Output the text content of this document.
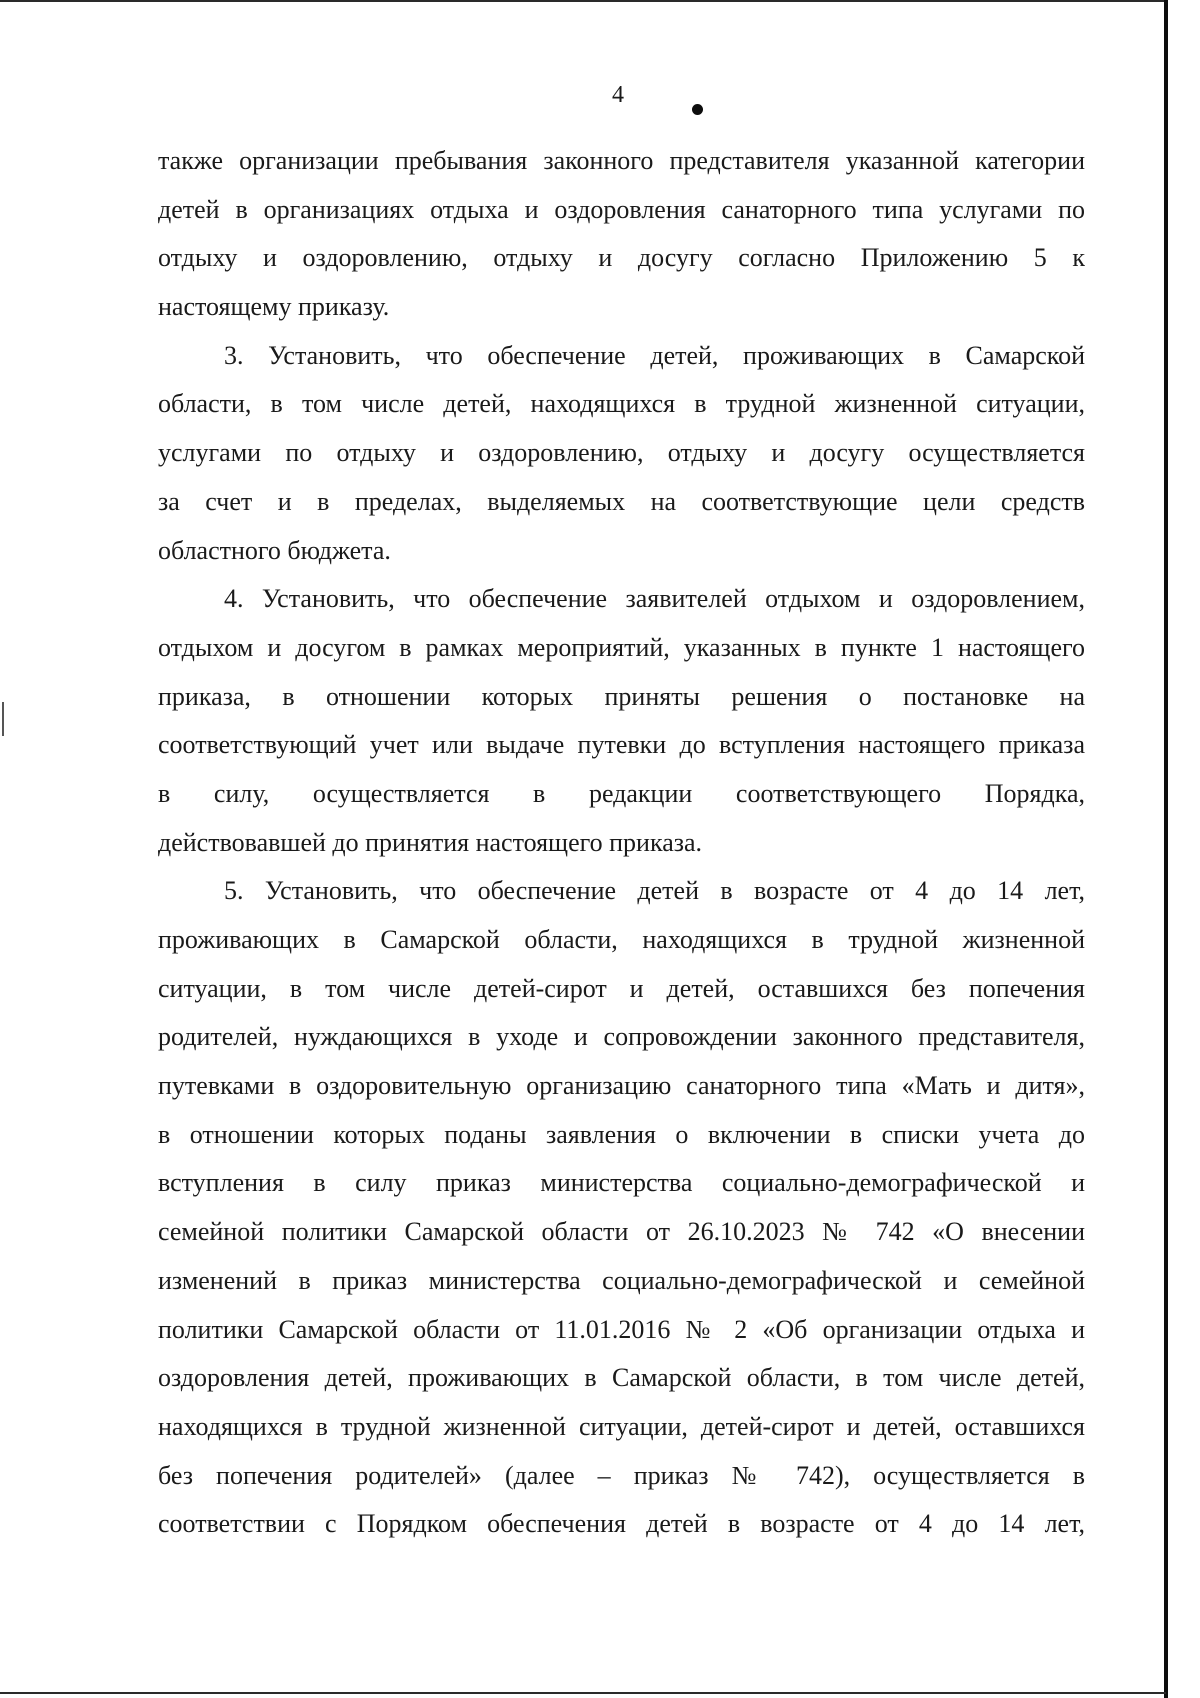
4
также организации пребывания законного представителя указанной категории
детей в организациях отдыха и оздоровления санаторного типа услугами по
отдыху и оздоровлению, отдыху и досугу согласно Приложению 5 к
настоящему приказу.
3. Установить, что обеспечение детей, проживающих в Самарской
области, в том числе детей, находящихся в трудной жизненной ситуации,
услугами по отдыху и оздоровлению, отдыху и досугу осуществляется
за счет и в пределах, выделяемых на соответствующие цели средств
областного бюджета.
4. Установить, что обеспечение заявителей отдыхом и оздоровлением,
отдыхом и досугом в рамках мероприятий, указанных в пункте 1 настоящего
приказа, в отношении которых приняты решения о постановке на
соответствующий учет или выдаче путевки до вступления настоящего приказа
в силу, осуществляется в редакции соответствующего Порядка,
действовавшей до принятия настоящего приказа.
5. Установить, что обеспечение детей в возрасте от 4 до 14 лет,
проживающих в Самарской области, находящихся в трудной жизненной
ситуации, в том числе детей-сирот и детей, оставшихся без попечения
родителей, нуждающихся в уходе и сопровождении законного представителя,
путевками в оздоровительную организацию санаторного типа «Мать и дитя»,
в отношении которых поданы заявления о включении в списки учета до
вступления в силу приказ министерства социально-демографической и
семейной политики Самарской области от 26.10.2023 № 742 «О внесении
изменений в приказ министерства социально-демографической и семейной
политики Самарской области от 11.01.2016 № 2 «Об организации отдыха и
оздоровления детей, проживающих в Самарской области, в том числе детей,
находящихся в трудной жизненной ситуации, детей-сирот и детей, оставшихся
без попечения родителей» (далее – приказ № 742), осуществляется в
соответствии с Порядком обеспечения детей в возрасте от 4 до 14 лет,
